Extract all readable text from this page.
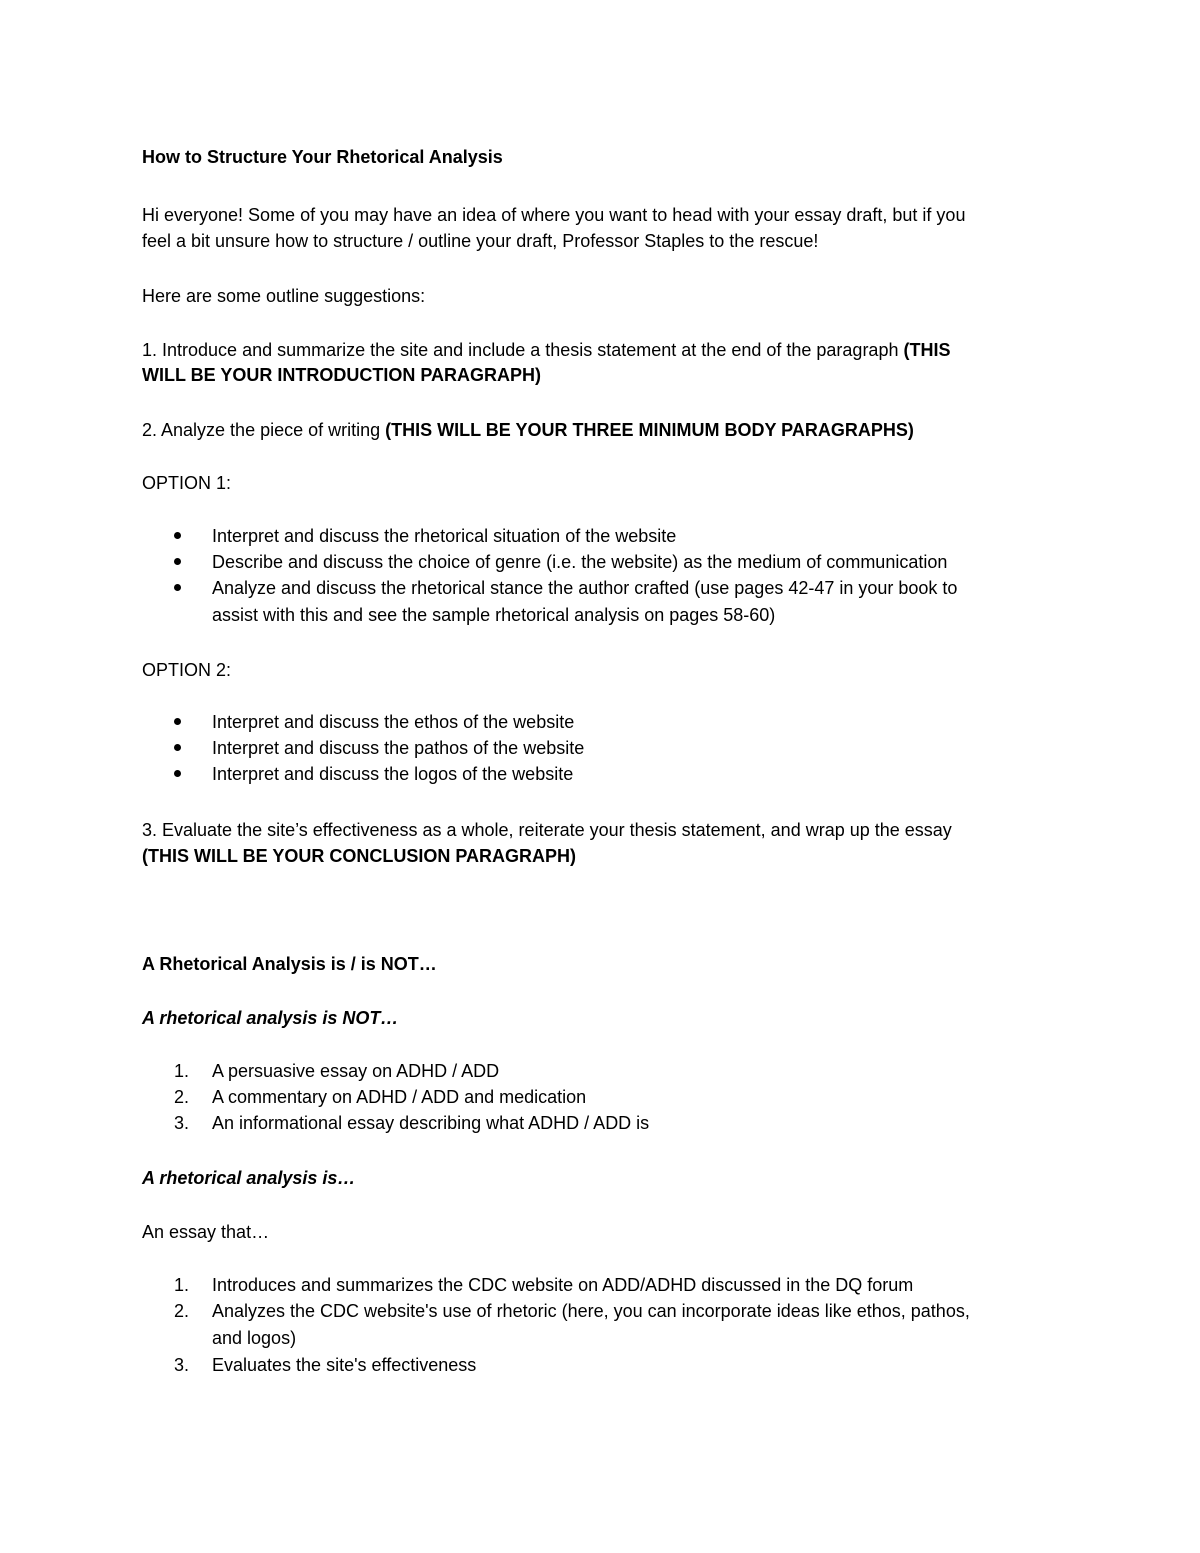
How to Structure Your Rhetorical Analysis

Hi everyone! Some of you may have an idea of where you want to head with your essay draft, but if you

feel a bit unsure how to structure / outline your draft, Professor Staples to the rescue!

Here are some outline suggestions:

1. Introduce and summarize the site and include a thesis statement at the end of the paragraph (THIS

WILL BE YOUR INTRODUCTION PARAGRAPH)

2. Analyze the piece of writing (THIS WILL BE YOUR THREE MINIMUM BODY PARAGRAPHS)

OPTION 1:

Interpret and discuss the rhetorical situation of the website

Describe and discuss the choice of genre (i.e. the website) as the medium of communication

Analyze and discuss the rhetorical stance the author crafted (use pages 42-47 in your book to

assist with this and see the sample rhetorical analysis on pages 58-60)

OPTION 2:

Interpret and discuss the ethos of the website

Interpret and discuss the pathos of the website

Interpret and discuss the logos of the website

3. Evaluate the site’s effectiveness as a whole, reiterate your thesis statement, and wrap up the essay

(THIS WILL BE YOUR CONCLUSION PARAGRAPH)

A Rhetorical Analysis is / is NOT…

A rhetorical analysis is NOT…

1. A persuasive essay on ADHD / ADD

2. A commentary on ADHD / ADD and medication

3. An informational essay describing what ADHD / ADD is

A rhetorical analysis is…

An essay that…

1. Introduces and summarizes the CDC website on ADD/ADHD discussed in the DQ forum

2. Analyzes the CDC website's use of rhetoric (here, you can incorporate ideas like ethos, pathos,

and logos)

3. Evaluates the site's effectiveness
